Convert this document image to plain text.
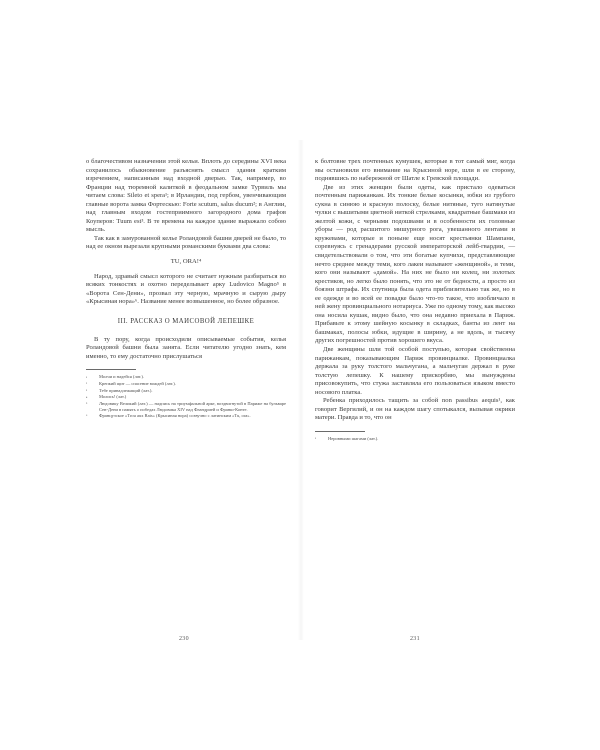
о благочестивом назначении этой кельи. Вплоть до середины XVI века сохранилось обыкновение разъяснять смысл здания кратким изречением, написанным над входной дверью. Так, например, во Франции над тюремной калиткой в феодальном замке Турвиль мы читаем слова: Sileto et spera¹; в Ирландии, под гербом, увенчивающим главные ворота замка Фортескью: Forte scutum, salus ducum²; в Англии, над главным входом гостеприимного загородного дома графов Коуперов: Tuum est³. В те времена на каждое здание выражало собою мысль.

Так как в замурованной келье Роландовой башни дверей не было, то над ее окном вырезали крупными романскими буквами два слова:

TU, ORA!⁴

Народ, здравый смысл которого не считает нужным разбираться во всяких тонкостях и охотно переделывает арку Ludovico Magno⁵ в «Ворота Сен-Дени», прозвал эту черную, мрачную и сырую дыру «Крысиная нора»⁶. Название менее возвышенное, но более образное.

III. РАССКАЗ О МАИСОВОЙ ЛЕПЕШКЕ

В ту пору, когда происходили описываемые события, келья Роландовой башни была занята. Если читателю угодно знать, кем именно, то ему достаточно прислушаться

¹	Молчи и надейся (лат.).
²	Крепкий щит — спасение вождей (лат.).
³	Тебе принадлежащий (лат.).
⁴	Молись! (лат.)
⁵	Людовику Великий (лат.) — надпись на триумфальной арке, воздвигнутой в Париже на бульваре Сен-Дени в память о победах Людовика XIV над Фландрией и Франш-Конте.
⁶	Французское «Trou aux Rats» (Крысиная нора) созвучно с латинским «Tu, ora».
230

к болтовне трех почтенных кумушек, которые в тот самый миг, когда мы остановили его внимание на Крысиной норе, шли в ее сторону, поднявшись по набережной от Шатле к Гревской площади.

Две из этих женщин были одеты, как пристало одеваться почтенным парижанкам. Их тонкие белые косынки, юбки из грубого сукна в синюю и красную полоску, белые нитяные, туго натянутые чулки с вышитыми цветной ниткой стрелками, квадратные башмаки из желтой кожи, с черными подошвами и в особенности их головные уборы — род расшитого мишурного рога, увешанного лентами и кружевами, которые и поныне еще носят крестьянки Шампани, соревнуясь с гренадерами русской императорской лейб-гвардии, — свидетельствовали о том, что эти богатые купчихи, представляющие нечто среднее между теми, кого лакеи называют «женщиной», и теми, кого они называют «дамой». На них не было ни колец, ни золотых крестиков, но легко было понять, что это не от бедности, а просто из боязни штрафа. Их спутница была одета приблизительно так же, но в ее одежде и во всей ее повадке было что-то такое, что изобличало в ней жену провинциального нотариуса. Уже по одному тому, как высоко она носила кушак, видно было, что она недавно приехала в Париж. Прибавьте к этому шейную косынку в складках, банты из лент на башмаках, полосы юбки, идущие в ширину, а не вдоль, и тысячу других погрешностей против хорошего вкуса.

Две женщины шли той особой поступью, которая свойственна парижанкам, показывающим Париж провинциалке. Провинциалка держала за руку толстого мальчугана, а мальчуган держал в руке толстую лепешку. К нашему прискорбию, мы вынуждены присовокупить, что стужа заставляла его пользоваться языком вместо носового платка.

Ребенка приходилось тащить за собой non passibus aequis¹, как говорит Вергилий, и он на каждом шагу спотыкался, вызывая окрики матери. Правда и то, что он

¹	Неровными шагами (лат.).
231
